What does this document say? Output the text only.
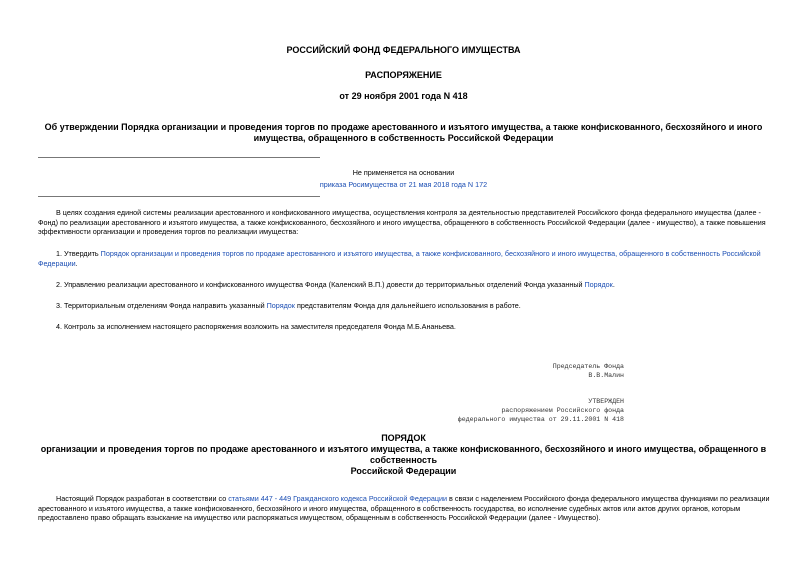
РОССИЙСКИЙ ФОНД ФЕДЕРАЛЬНОГО ИМУЩЕСТВА
РАСПОРЯЖЕНИЕ
от 29 ноября 2001 года N 418
Об утверждении Порядка организации и проведения торгов по продаже арестованного и изъятого имущества, а также конфискованного, бесхозяйного и иного имущества, обращенного в собственность Российской Федерации
Не применяется на основании
приказа Росимущества от 21 мая 2018 года N 172
В целях создания единой системы реализации арестованного и конфискованного имущества, осуществления контроля за деятельностью представителей Российского фонда федерального имущества (далее - Фонд) по реализации арестованного и изъятого имущества, а также конфискованного, бесхозяйного и иного имущества, обращенного в собственность Российской Федерации (далее - имущество), а также повышения эффективности организации и проведения торгов по реализации имущества:
1. Утвердить Порядок организации и проведения торгов по продаже арестованного и изъятого имущества, а также конфискованного, бесхозяйного и иного имущества, обращенного в собственность Российской Федерации.
2. Управлению реализации арестованного и конфискованного имущества Фонда (Каленский В.П.) довести до территориальных отделений Фонда указанный Порядок.
3. Территориальным отделениям Фонда направить указанный Порядок представителям Фонда для дальнейшего использования в работе.
4. Контроль за исполнением настоящего распоряжения возложить на заместителя председателя Фонда М.Б.Ананьева.
Председатель Фонда
В.В.Малин
УТВЕРЖДЕН
распоряжением Российского фонда
федерального имущества от 29.11.2001 N 418
ПОРЯДОК
организации и проведения торгов по продаже арестованного и изъятого имущества, а также конфискованного, бесхозяйного и иного имущества, обращенного в собственность
Российской Федерации
Настоящий Порядок разработан в соответствии со статьями 447 - 449 Гражданского кодекса Российской Федерации в связи с наделением Российского фонда федерального имущества функциями по реализации арестованного и изъятого имущества, а также конфискованного, бесхозяйного и иного имущества, обращенного в собственность государства, во исполнение судебных актов или актов других органов, которым предоставлено право обращать взыскание на имущество или распоряжаться имуществом, обращенным в собственность Российской Федерации (далее - Имущество).
